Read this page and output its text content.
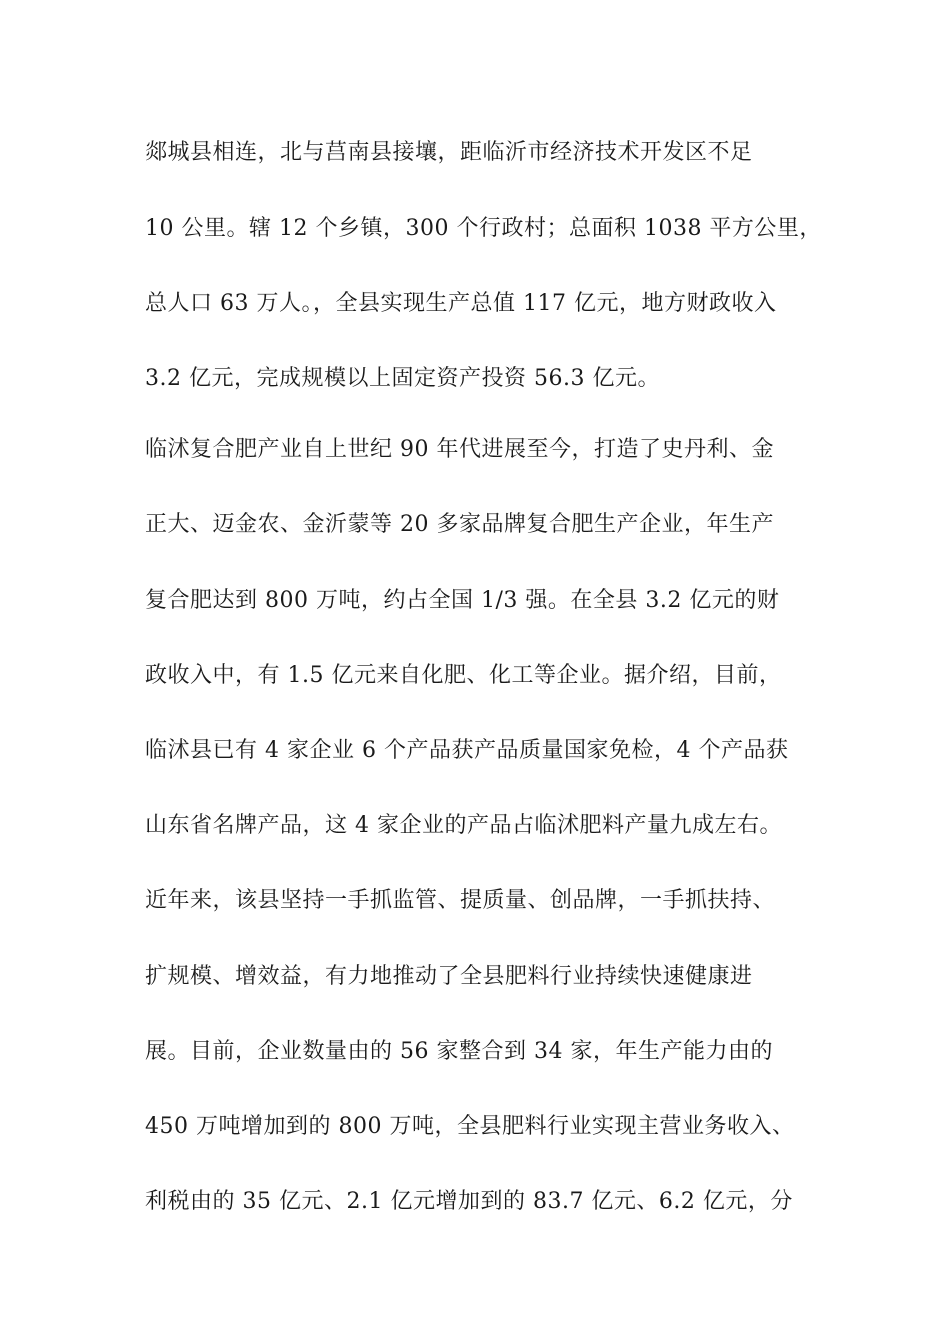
郯城县相连，北与莒南县接壤，距临沂市经济技术开发区不足
10 公里。辖 12 个乡镇，300 个行政村；总面积 1038 平方公里，
总人口 63 万人。，全县实现生产总值 117 亿元，地方财政收入
3.2 亿元，完成规模以上固定资产投资 56.3 亿元。
临沭复合肥产业自上世纪 90 年代进展至今，打造了史丹利、金
正大、迈金农、金沂蒙等 20 多家品牌复合肥生产企业，年生产
复合肥达到 800 万吨，约占全国 1/3 强。在全县 3.2 亿元的财
政收入中，有 1.5 亿元来自化肥、化工等企业。据介绍，目前，
临沭县已有 4 家企业 6 个产品获产品质量国家免检，4 个产品获
山东省名牌产品，这 4 家企业的产品占临沭肥料产量九成左右。
近年来，该县坚持一手抓监管、提质量、创品牌，一手抓扶持、
扩规模、增效益，有力地推动了全县肥料行业持续快速健康进
展。目前，企业数量由的 56 家整合到 34 家，年生产能力由的
450 万吨增加到的 800 万吨，全县肥料行业实现主营业务收入、
利税由的 35 亿元、2.1 亿元增加到的 83.7 亿元、6.2 亿元，分
